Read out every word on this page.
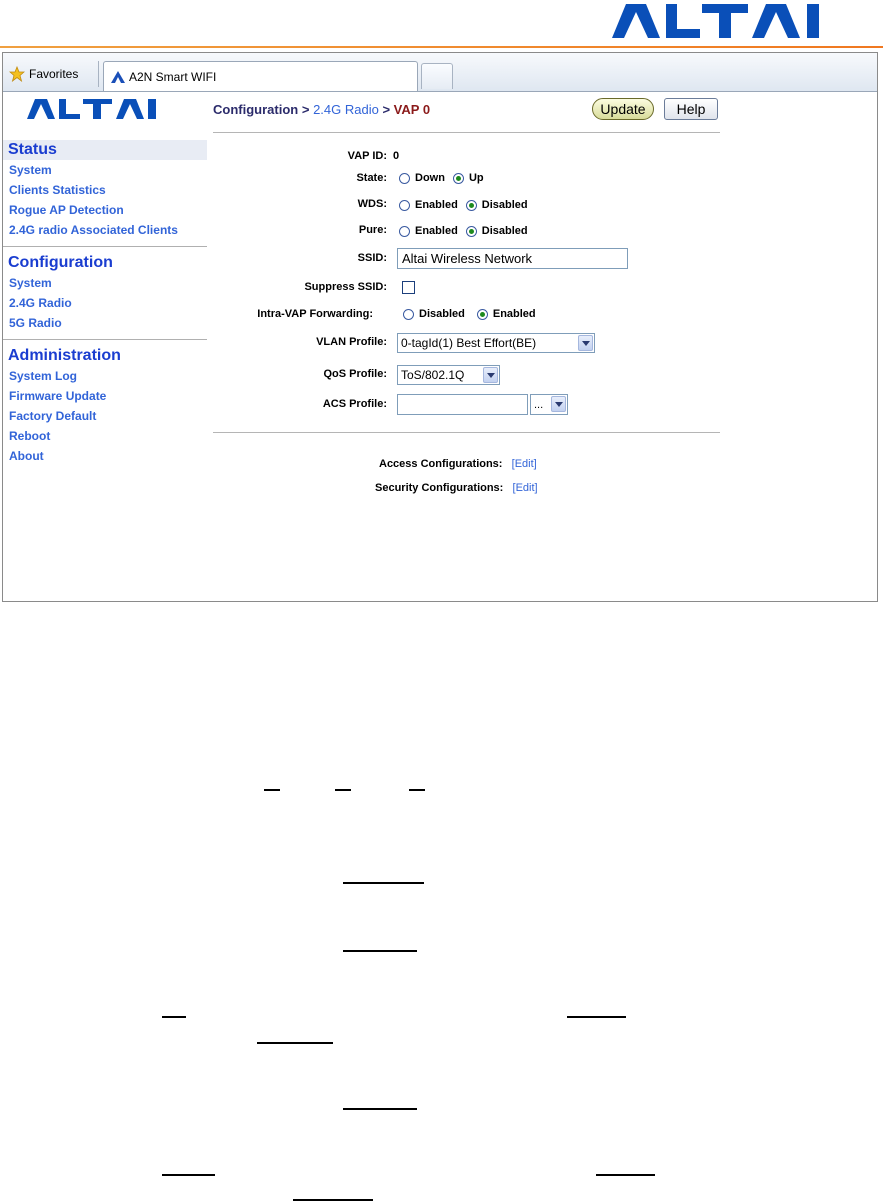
Favorites	A2N Smart WIFI
Status
System
Clients Statistics
Rogue AP Detection
2.4G radio Associated Clients
Configuration
System
2.4G Radio
5G Radio
Administration
System Log
Firmware Update
Factory Default
Reboot
About
Configuration > 2.4G Radio > VAP 0	Update	Help
VAP ID: 0
State:	Down Up
WDS:	Enabled Disabled
Pure:	Enabled Disabled
SSID:	Altai Wireless Network
Suppress SSID:
Intra-VAP Forwarding:	Disabled	Enabled
VLAN Profile: 0-tagId(1) Best Effort(BE)
QoS Profile: ToS/802.1Q
ACS Profile:	...
Access Configurations: [Edit]
Security Configurations: [Edit]
